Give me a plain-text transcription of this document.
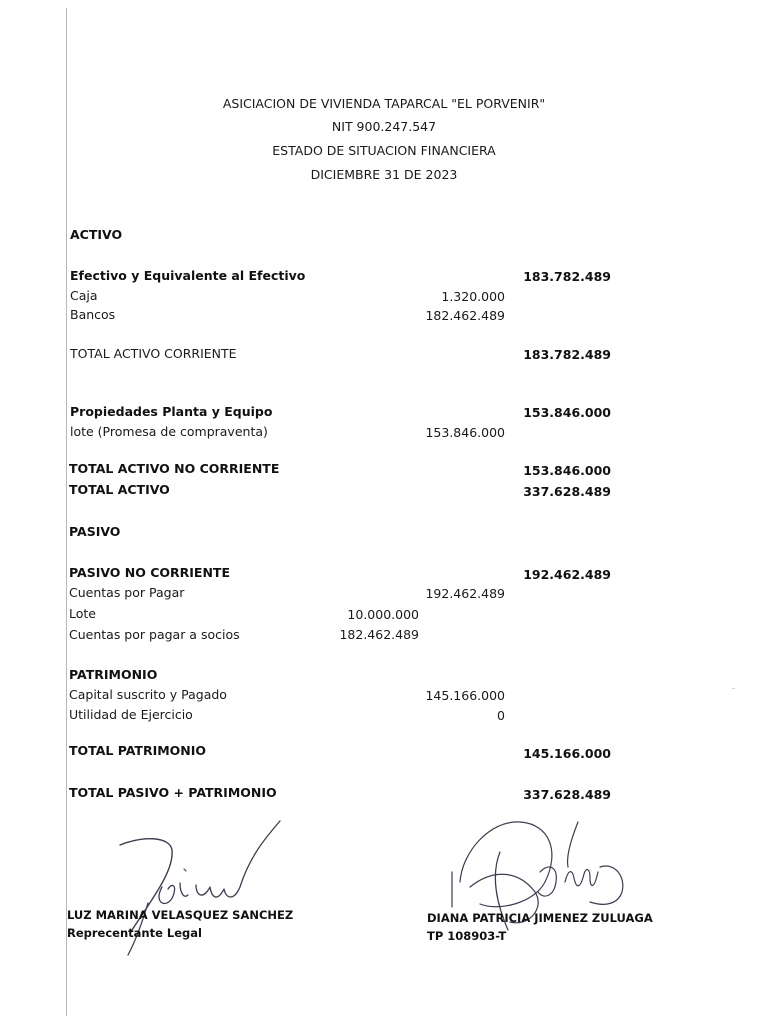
ASICIACION DE VIVIENDA TAPARCAL "EL PORVENIR"
NIT 900.247.547
ESTADO DE SITUACION FINANCIERA
DICIEMBRE 31 DE 2023
ACTIVO
Efectivo y Equivalente al Efectivo	183.782.489
Caja	1.320.000
Bancos	182.462.489
TOTAL ACTIVO CORRIENTE	183.782.489
Propiedades Planta y Equipo	153.846.000
lote (Promesa de compraventa)	153.846.000
TOTAL ACTIVO NO CORRIENTE	153.846.000
TOTAL ACTIVO	337.628.489
PASIVO
PASIVO NO CORRIENTE	192.462.489
Cuentas por Pagar	192.462.489
Lote	10.000.000
Cuentas por pagar a socios	182.462.489
PATRIMONIO
Capital suscrito y Pagado	145.166.000
Utilidad de Ejercicio	0
TOTAL PATRIMONIO	145.166.000
TOTAL PASIVO + PATRIMONIO	337.628.489
LUZ MARINA VELASQUEZ SANCHEZ
Reprecentante Legal
DIANA PATRICIA JIMENEZ ZULUAGA
TP 108903-T
